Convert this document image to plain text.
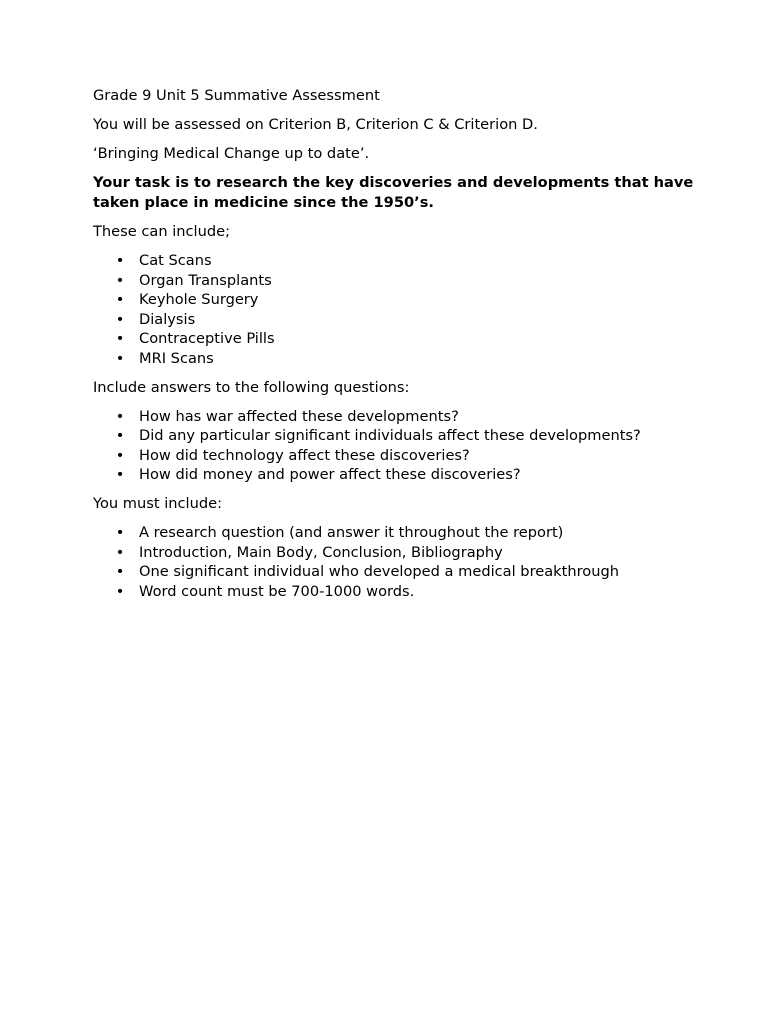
Grade 9 Unit 5 Summative Assessment

You will be assessed on Criterion B, Criterion C & Criterion D.

‘Bringing Medical Change up to date’.

Your task is to research the key discoveries and developments that have taken place in medicine since the 1950’s.

These can include;

• Cat Scans
• Organ Transplants
• Keyhole Surgery
• Dialysis
• Contraceptive Pills
• MRI Scans

Include answers to the following questions:

• How has war affected these developments?
• Did any particular significant individuals affect these developments?
• How did technology affect these discoveries?
• How did money and power affect these discoveries?

You must include:

• A research question (and answer it throughout the report)
• Introduction, Main Body, Conclusion, Bibliography
• One significant individual who developed a medical breakthrough
• Word count must be 700-1000 words.
